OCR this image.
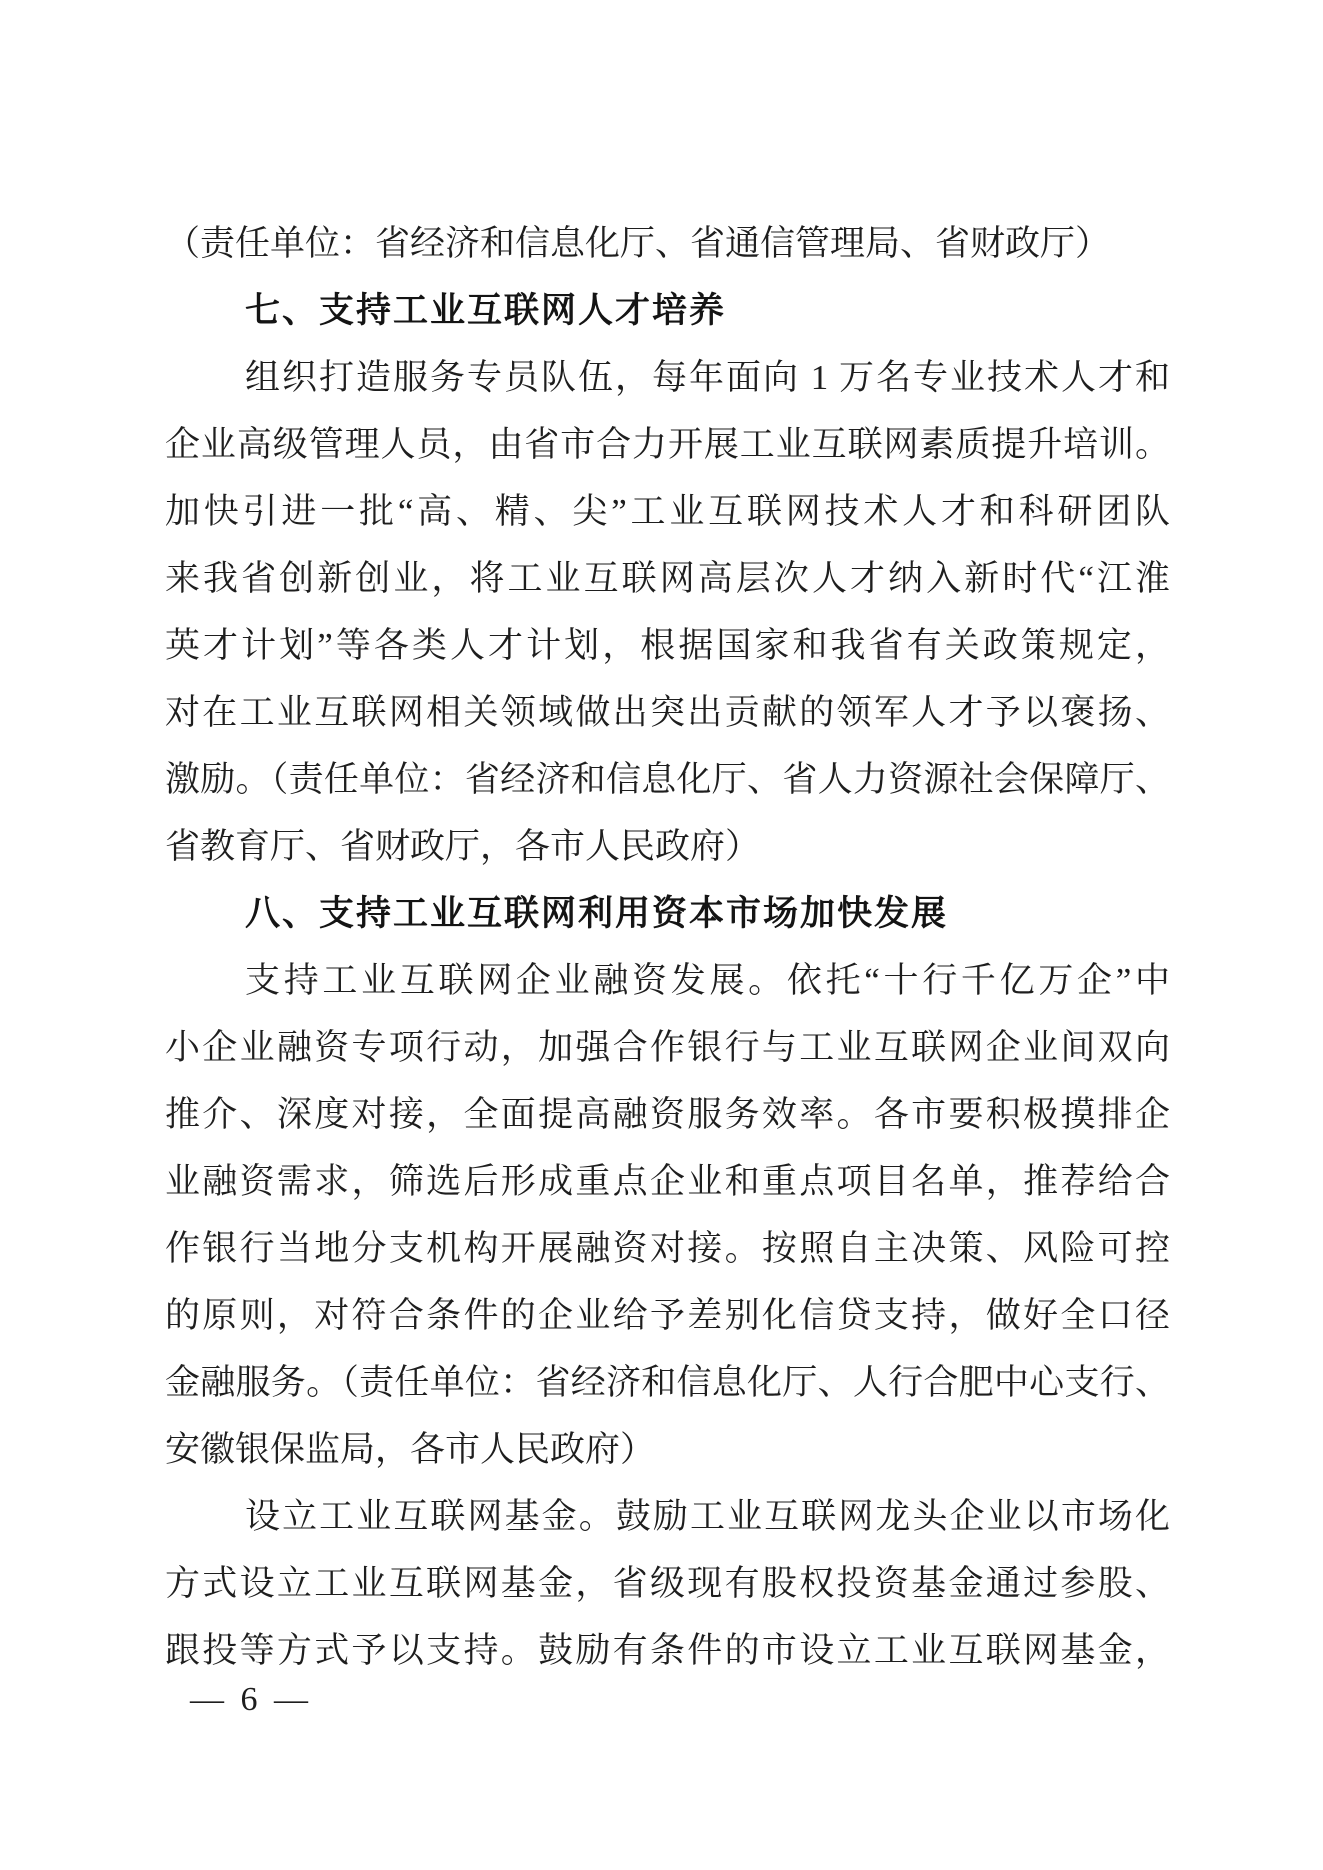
（责任单位：省经济和信息化厅、省通信管理局、省财政厅）
七、支持工业互联网人才培养
组织打造服务专员队伍，每年面向 1 万名专业技术人才和
企业高级管理人员，由省市合力开展工业互联网素质提升培训。
加快引进一批“高、精、尖”工业互联网技术人才和科研团队
来我省创新创业，将工业互联网高层次人才纳入新时代“江淮
英才计划”等各类人才计划，根据国家和我省有关政策规定，
对在工业互联网相关领域做出突出贡献的领军人才予以褒扬、
激励。（责任单位：省经济和信息化厅、省人力资源社会保障厅、
省教育厅、省财政厅，各市人民政府）
八、支持工业互联网利用资本市场加快发展
支持工业互联网企业融资发展。依托“十行千亿万企”中
小企业融资专项行动，加强合作银行与工业互联网企业间双向
推介、深度对接，全面提高融资服务效率。各市要积极摸排企
业融资需求，筛选后形成重点企业和重点项目名单，推荐给合
作银行当地分支机构开展融资对接。按照自主决策、风险可控
的原则，对符合条件的企业给予差别化信贷支持，做好全口径
金融服务。（责任单位：省经济和信息化厅、人行合肥中心支行、
安徽银保监局，各市人民政府）
设立工业互联网基金。鼓励工业互联网龙头企业以市场化
方式设立工业互联网基金，省级现有股权投资基金通过参股、
跟投等方式予以支持。鼓励有条件的市设立工业互联网基金，
— 6 —
